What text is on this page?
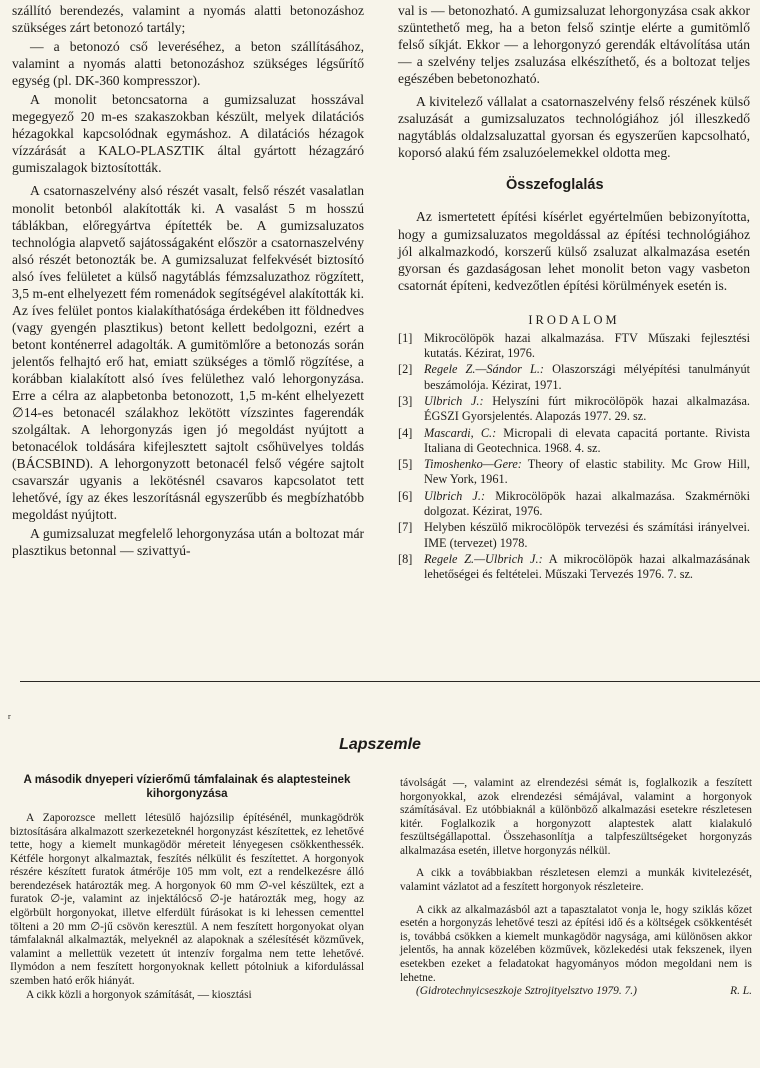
szállító berendezés, valamint a nyomás alatti betonozáshoz szükséges zárt betonozó tartály;

— a betonozó cső leveréséhez, a beton szállításához, valamint a nyomás alatti betonozáshoz szükséges légsűrítő egység (pl. DK-360 kompresszor).

A monolit betoncsatorna a gumizsaluzat hosszával megegyező 20 m-es szakaszokban készült, melyek dilatációs hézagokkal kapcsolódnak egymáshoz. A dilatációs hézagok vízzárását a KALO-PLASZTIK által gyártott hézagzáró gumiszalagok biztosították.

A csatornaszelvény alsó részét vasalt, felső részét vasalatlan monolit betonból alakították ki. A vasalást 5 m hosszú táblákban, előregyártva építették be. A gumizsaluzatos technológia alapvető sajátosságaként először a csatornaszelvény alsó részét betonozták be. A gumizsaluzat felfekvését biztosító alsó íves felületet a külső nagytáblás fémzsaluzathoz rögzített, 3,5 m-ent elhelyezett fém romenádok segítségével alakították ki. Az íves felület pontos kialakíthatósága érdekében itt földnedves (vagy gyengén plasztikus) betont kellett bedolgozni, ezért a betont konténerrel adagolták. A gumitömlőre a betonozás során jelentős felhajtó erő hat, emiatt szükséges a tömlő rögzítése, a korábban kialakított alsó íves felülethez való lehorgonyzása. Erre a célra az alapbetonba betonozott, 1,5 m-ként elhelyezett ∅14-es betonacél szálakhoz lekötött vízszintes fagerendák szolgáltak. A lehorgonyzás igen jó megoldást nyújtott a betonacélok toldására kifejlesztett sajtolt csőhüvelyes toldás (BÁCSBIND). A lehorgonyzott betonacél felső végére sajtolt csavarszár ugyanis a lekötésnél csavaros kapcsolatot tett lehetővé, így az ékes leszorításnál egyszerűbb és megbízhatóbb megoldást nyújtott.

A gumizsaluzat megfelelő lehorgonyzása után a boltozat már plasztikus betonnal — szivattyú-

val is — betonozható. A gumizsaluzat lehorgonyzása csak akkor szüntethető meg, ha a beton felső szintje elérte a gumitömlő felső síkját. Ekkor — a lehorgonyzó gerendák eltávolítása után — a szelvény teljes zsaluzása elkészíthető, és a boltozat teljes egészében bebetonozható.

A kivitelező vállalat a csatornaszelvény felső részének külső zsaluzását a gumizsaluzatos technológiához jól illeszkedő nagytáblás oldalzsaluzattal gyorsan és egyszerűen kapcsolható, koporsó alakú fém zsaluzóelemekkel oldotta meg.

Összefoglalás

Az ismertetett építési kísérlet egyértelműen bebizonyította, hogy a gumizsaluzatos megoldással az építési technológiához jól alkalmazkodó, korszerű külső zsaluzat alkalmazása esetén gyorsan és gazdaságosan lehet monolit beton vagy vasbeton csatornát építeni, kedvezőtlen építési körülmények esetén is.

IRODALOM
[1] Mikrocölöpök hazai alkalmazása. FTV Műszaki fejlesztési kutatás. Kézirat, 1976.
[2] Regele Z.—Sándor L.: Olaszországi mélyépítési tanulmányút beszámolója. Kézirat, 1971.
[3] Ulbrich J.: Helyszíni fúrt mikrocölöpök hazai alkalmazása. ÉGSZI Gyorsjelentés. Alapozás 1977. 29. sz.
[4] Mascardi, C.: Micropali di elevata capacitá portante. Rivista Italiana di Geotechnica. 1968. 4. sz.
[5] Timoshenko—Gere: Theory of elastic stability. Mc Grow Hill, New York, 1961.
[6] Ulbrich J.: Mikrocölöpök hazai alkalmazása. Szakmérnöki dolgozat. Kézirat, 1976.
[7] Helyben készülő mikrocölöpök tervezési és számítási irányelvei. IME (tervezet) 1978.
[8] Regele Z.—Ulbrich J.: A mikrocölöpök hazai alkalmazásának lehetőségei és feltételei. Műszaki Tervezés 1976. 7. sz.
r
Lapszemle
A második dnyeperi vízierőmű támfalainak és alaptesteinek kihorgonyzása

A Zaporozsce mellett létesülő hajózsilip építésénél, munkagödrök biztosítására alkalmazott szerkezeteknél horgonyzást készítettek, ez lehetővé tette, hogy a kiemelt munkagödör méreteit lényegesen csökkenthessék. Kétféle horgonyt alkalmaztak, feszítés nélkülit és feszítettet. A horgonyok részére készített furatok átmérője 105 mm volt, ezt a rendelkezésre álló berendezések határozták meg. A horgonyok 60 mm ∅-vel készültek, ezt a furatok ∅-je, valamint az injektálócső ∅-je határozták meg, hogy az elgörbült horgonyokat, illetve elferdült fúrásokat is ki lehessen cementtel tölteni a 20 mm ∅-jű csövön keresztül. A nem feszített horgonyokat olyan támfalaknál alkalmazták, melyeknél az alapoknak a szélesítését közművek, valamint a mellettük vezetett út intenzív forgalma nem tette lehetővé. Ilymódon a nem feszített horgonyoknak kellett pótolniuk a kifordulással szemben ható erők hiányát.

A cikk közli a horgonyok számítását, — kiosztási

távolságát —, valamint az elrendezési sémát is, foglalkozik a feszített horgonyokkal, azok elrendezési sémájával, valamint a horgonyok számításával. Ez utóbbiaknál a különböző alkalmazási esetekre részletesen kitér. Foglalkozik a horgonyzott alaptestek alatt kialakuló feszültségállapottal. Összehasonlítja a talpfeszültségeket horgonyzás alkalmazása esetén, illetve horgonyzás nélkül.

A cikk a továbbiakban részletesen elemzi a munkák kivitelezését, valamint vázlatot ad a feszített horgonyok részleteire.

A cikk az alkalmazásból azt a tapasztalatot vonja le, hogy sziklás kőzet esetén a horgonyzás lehetővé teszi az építési idő és a költségek csökkentését is, továbbá csökken a kiemelt munkagödör nagysága, ami különösen akkor jelentős, ha annak közelében közművek, közlekedési utak fekszenek, ilyen esetekben ezeket a feladatokat hagyományos módon megoldani nem is lehetne.

(Gidrotechnyicseszkoje Sztrojityelsztvo 1979. 7.)	R. L.
